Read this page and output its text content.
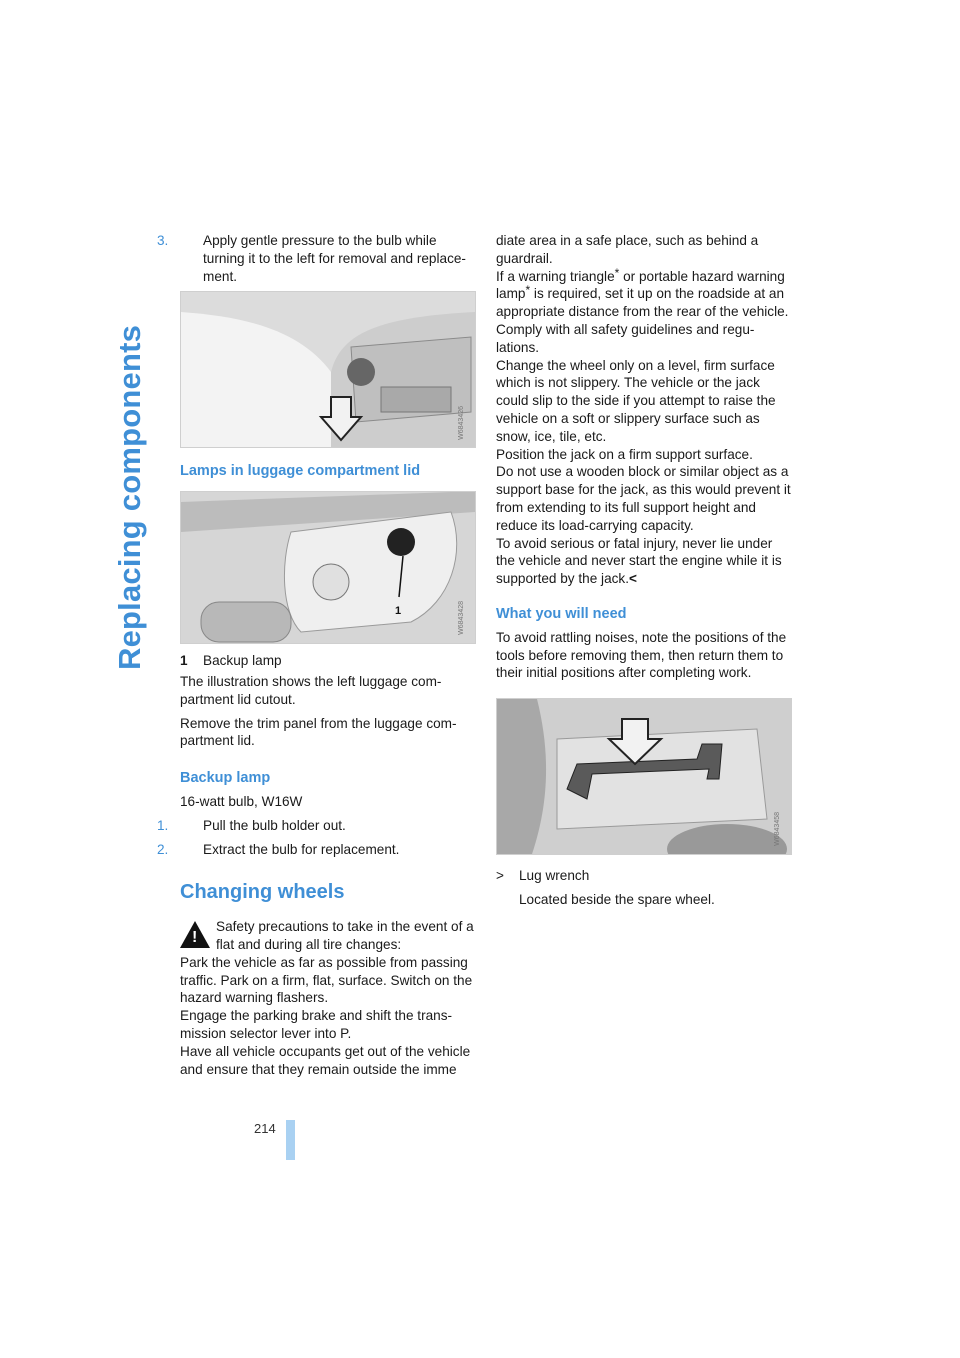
Replacing components

3.	Apply gentle pressure to the bulb while turning it to the left for removal and replacement.

W6843426

Lamps in luggage compartment lid

1	W6843428

1 Backup lamp

The illustration shows the left luggage compartment lid cutout.

Remove the trim panel from the luggage compartment lid.

Backup lamp

16-watt bulb, W16W

1.	Pull the bulb holder out.

2.	Extract the bulb for replacement.

Changing wheels

!

Safety precautions to take in the event of a flat and during all tire changes:

Park the vehicle as far as possible from passing traffic. Park on a firm, flat, surface. Switch on the hazard warning flashers.

Engage the parking brake and shift the transmission selector lever into P.

Have all vehicle occupants get out of the vehicle and ensure that they remain outside the imme

diate area in a safe place, such as behind a guardrail.

If a warning triangle* or portable hazard warning lamp* is required, set it up on the roadside at an appropriate distance from the rear of the vehicle. Comply with all safety guidelines and regulations.

Change the wheel only on a level, firm surface which is not slippery. The vehicle or the jack could slip to the side if you attempt to raise the vehicle on a soft or slippery surface such as snow, ice, tile, etc.

Position the jack on a firm support surface.

Do not use a wooden block or similar object as a support base for the jack, as this would prevent it from extending to its full support height and reduce its load-carrying capacity.

To avoid serious or fatal injury, never lie under the vehicle and never start the engine while it is supported by the jack.<

What you will need

To avoid rattling noises, note the positions of the tools before removing them, then return them to their initial positions after completing work.

W6843458

> Lug wrench

Located beside the spare wheel.

214
